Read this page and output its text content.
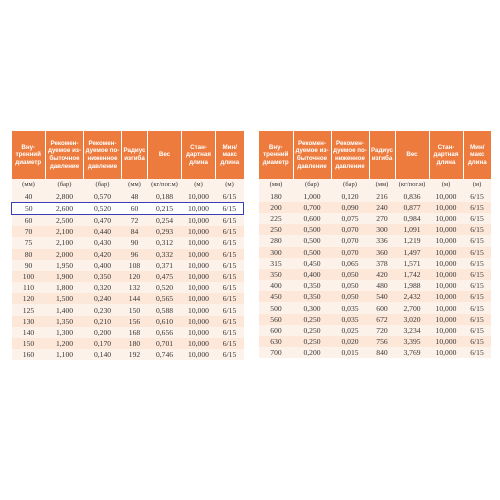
Вну-
тренний
диаметр	Рекомен-
дуемое из-
быточное
давление	Рекомен-
дуемое по-
ниженное
давление	Радиус
изгиба	Вес	Стан-
дартная
длина	Мин/
макс
длина
(мм)	(бар)	(бар)	(мм)	(кг/пог.м)	(м)	(м)
40	2,800	0,570	48	0,188	10,000	6/15
50	2,600	0,520	60	0,215	10,000	6/15
60	2,500	0,470	72	0,254	10,000	6/15
70	2,100	0,440	84	0,293	10,000	6/15
75	2,100	0,430	90	0,312	10,000	6/15
80	2,000	0,420	96	0,332	10,000	6/15
90	1,950	0,400	108	0,371	10,000	6/15
100	1,900	0,350	120	0,475	10,000	6/15
110	1,800	0,320	132	0,520	10,000	6/15
120	1,500	0,240	144	0,565	10,000	6/15
125	1,400	0,230	150	0,588	10,000	6/15
130	1,350	0,210	156	0,610	10,000	6/15
140	1,300	0,200	168	0,656	10,000	6/15
150	1,200	0,170	180	0,701	10,000	6/15
160	1,100	0,140	192	0,746	10,000	6/15
Вну-
тренний
диаметр	Рекомен-
дуемое из-
быточное
давление	Рекомен-
дуемое по-
ниженное
давление	Радиус
изгиба	Вес	Стан-
дартная
длина	Мин/
макс
длина
(мм)	(бар)	(бар)	(мм)	(кг/пог.м)	(м)	(м)
180	1,000	0,120	216	0,836	10,000	6/15
200	0,700	0,090	240	0,877	10,000	6/15
225	0,600	0,075	270	0,984	10,000	6/15
250	0,500	0,070	300	1,091	10,000	6/15
280	0,500	0,070	336	1,219	10,000	6/15
300	0,500	0,070	360	1,497	10,000	6/15
315	0,450	0,065	378	1,571	10,000	6/15
350	0,400	0,050	420	1,742	10,000	6/15
400	0,350	0,050	480	1,988	10,000	6/15
450	0,350	0,050	540	2,432	10,000	6/15
500	0,300	0,035	600	2,700	10,000	6/15
560	0,250	0,035	672	3,020	10,000	6/15
600	0,250	0,025	720	3,234	10,000	6/15
630	0,250	0,020	756	3,395	10,000	6/15
700	0,200	0,015	840	3,769	10,000	6/15
